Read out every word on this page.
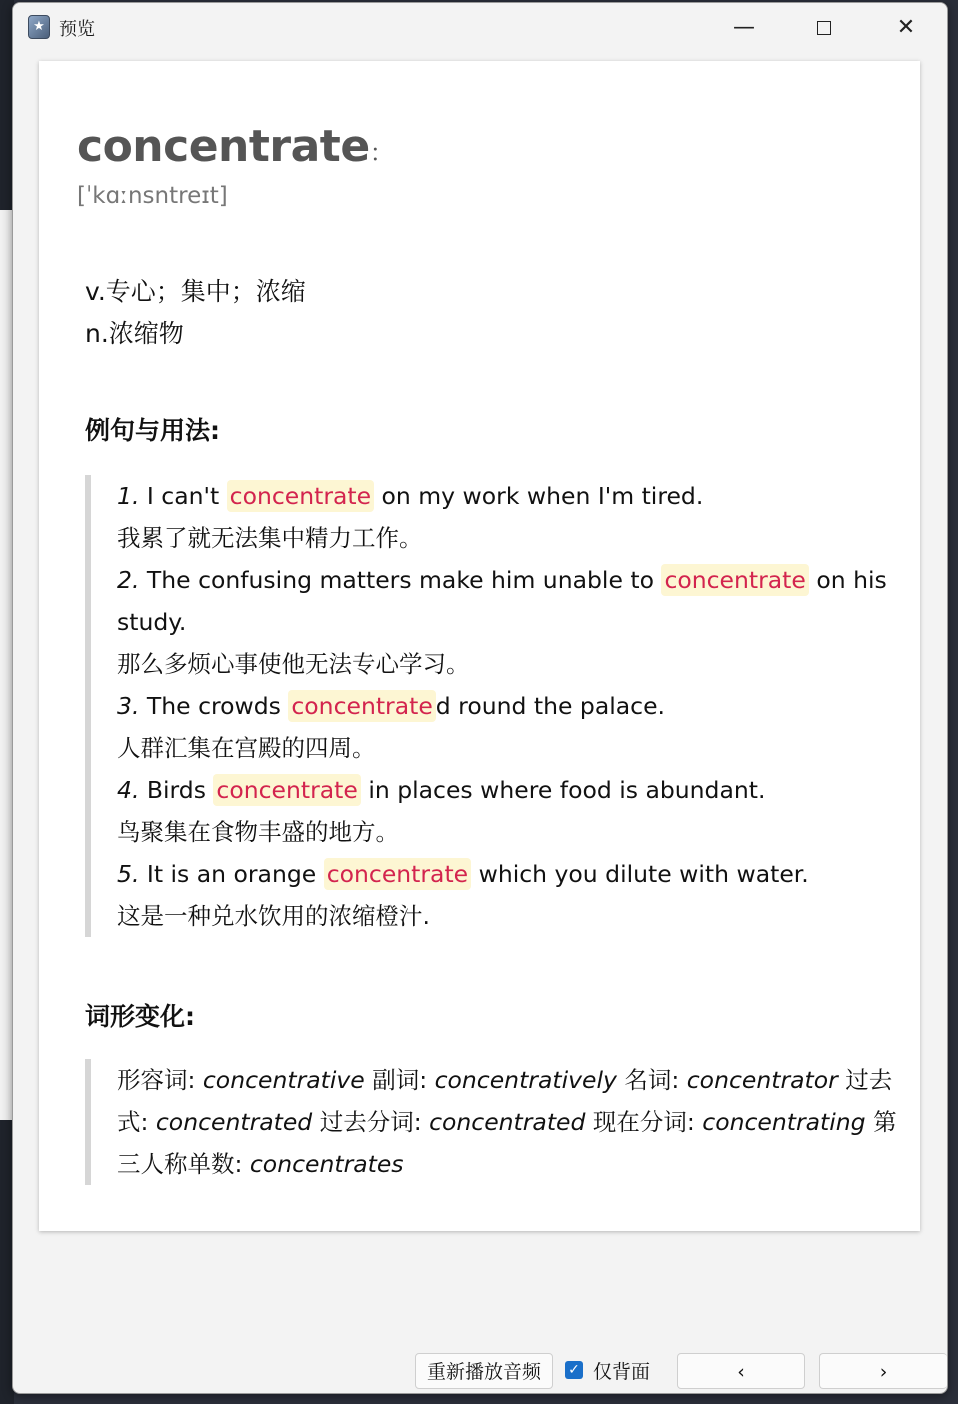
★ 预览	—	✕
concentrate：
[ˈkɑːnsntreɪt]
v.专心；集中；浓缩
n.浓缩物
例句与用法:
1. I can't concentrate on my work when I'm tired.
我累了就无法集中精力工作。
2. The confusing matters make him unable to concentrate on his study.
那么多烦心事使他无法专心学习。
3. The crowds concentrate d round the palace.
人群汇集在宫殿的四周。
4. Birds concentrate in places where food is abundant.
鸟聚集在食物丰盛的地方。
5. It is an orange concentrate which you dilute with water.
这是一种兑水饮用的浓缩橙汁.
词形变化:
形容词: concentrative 副词: concentratively 名词: concentrator 过去式: concentrated 过去分词: concentrated 现在分词: concentrating 第三人称单数: concentrates
重新播放音频	✓ 仅背面	‹	›
